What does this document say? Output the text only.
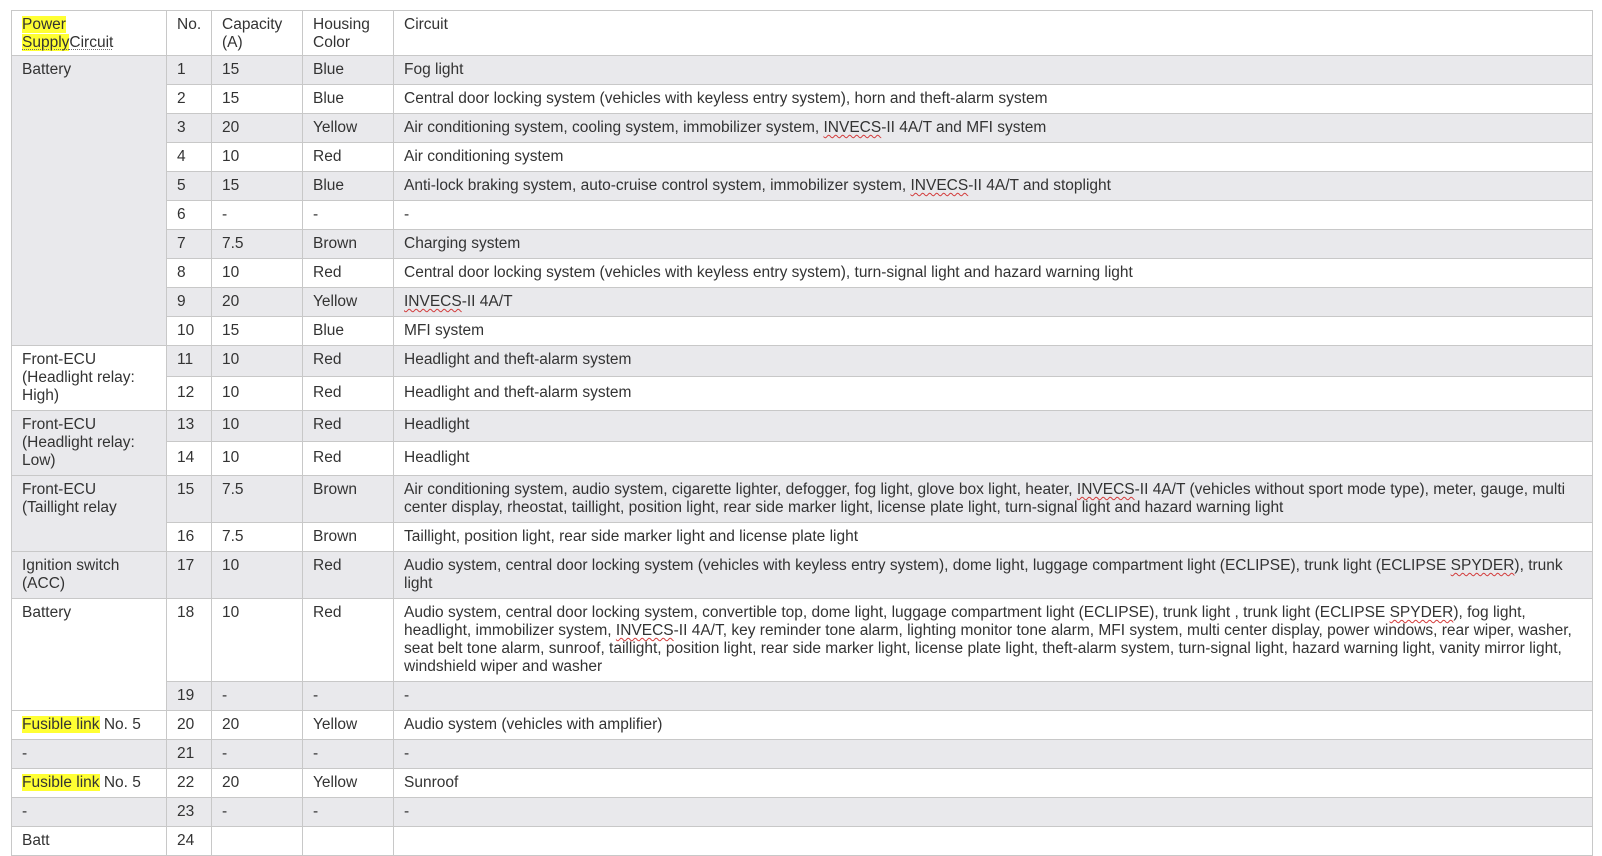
Power
SupplyCircuit	No.	Capacity (A)	Housing Color	Circuit
Battery	1	15	Blue	Fog light
	2	15	Blue	Central door locking system (vehicles with keyless entry system), horn and theft-alarm system
	3	20	Yellow	Air conditioning system, cooling system, immobilizer system, INVECS-II 4A/T and MFI system
	4	10	Red	Air conditioning system
	5	15	Blue	Anti-lock braking system, auto-cruise control system, immobilizer system, INVECS-II 4A/T and stoplight
	6	-	-	-
	7	7.5	Brown	Charging system
	8	10	Red	Central door locking system (vehicles with keyless entry system), turn-signal light and hazard warning light
	9	20	Yellow	INVECS-II 4A/T
	10	15	Blue	MFI system
Front-ECU (Headlight relay: High)	11	10	Red	Headlight and theft-alarm system
	12	10	Red	Headlight and theft-alarm system
Front-ECU (Headlight relay: Low)	13	10	Red	Headlight
	14	10	Red	Headlight
Front-ECU (Taillight relay	15	7.5	Brown	Air conditioning system, audio system, cigarette lighter, defogger, fog light, glove box light, heater, INVECS-II 4A/T (vehicles without sport mode type), meter, gauge, multi center display, rheostat, taillight, position light, rear side marker light, license plate light, turn-signal light and hazard warning light
	16	7.5	Brown	Taillight, position light, rear side marker light and license plate light
Ignition switch (ACC)	17	10	Red	Audio system, central door locking system (vehicles with keyless entry system), dome light, luggage compartment light (ECLIPSE), trunk light (ECLIPSE SPYDER), trunk light
Battery	18	10	Red	Audio system, central door locking system, convertible top, dome light, luggage compartment light (ECLIPSE), trunk light , trunk light (ECLIPSE SPYDER), fog light, headlight, immobilizer system, INVECS-II 4A/T, key reminder tone alarm, lighting monitor tone alarm, MFI system, multi center display, power windows, rear wiper, washer, seat belt tone alarm, sunroof, taillight, position light, rear side marker light, license plate light, theft-alarm system, turn-signal light, hazard warning light, vanity mirror light, windshield wiper and washer
	19	-	-	-
Fusible link No. 5	20	20	Yellow	Audio system (vehicles with amplifier)
-	21	-	-	-
Fusible link No. 5	22	20	Yellow	Sunroof
-	23	-	-	-
Batt	24			
